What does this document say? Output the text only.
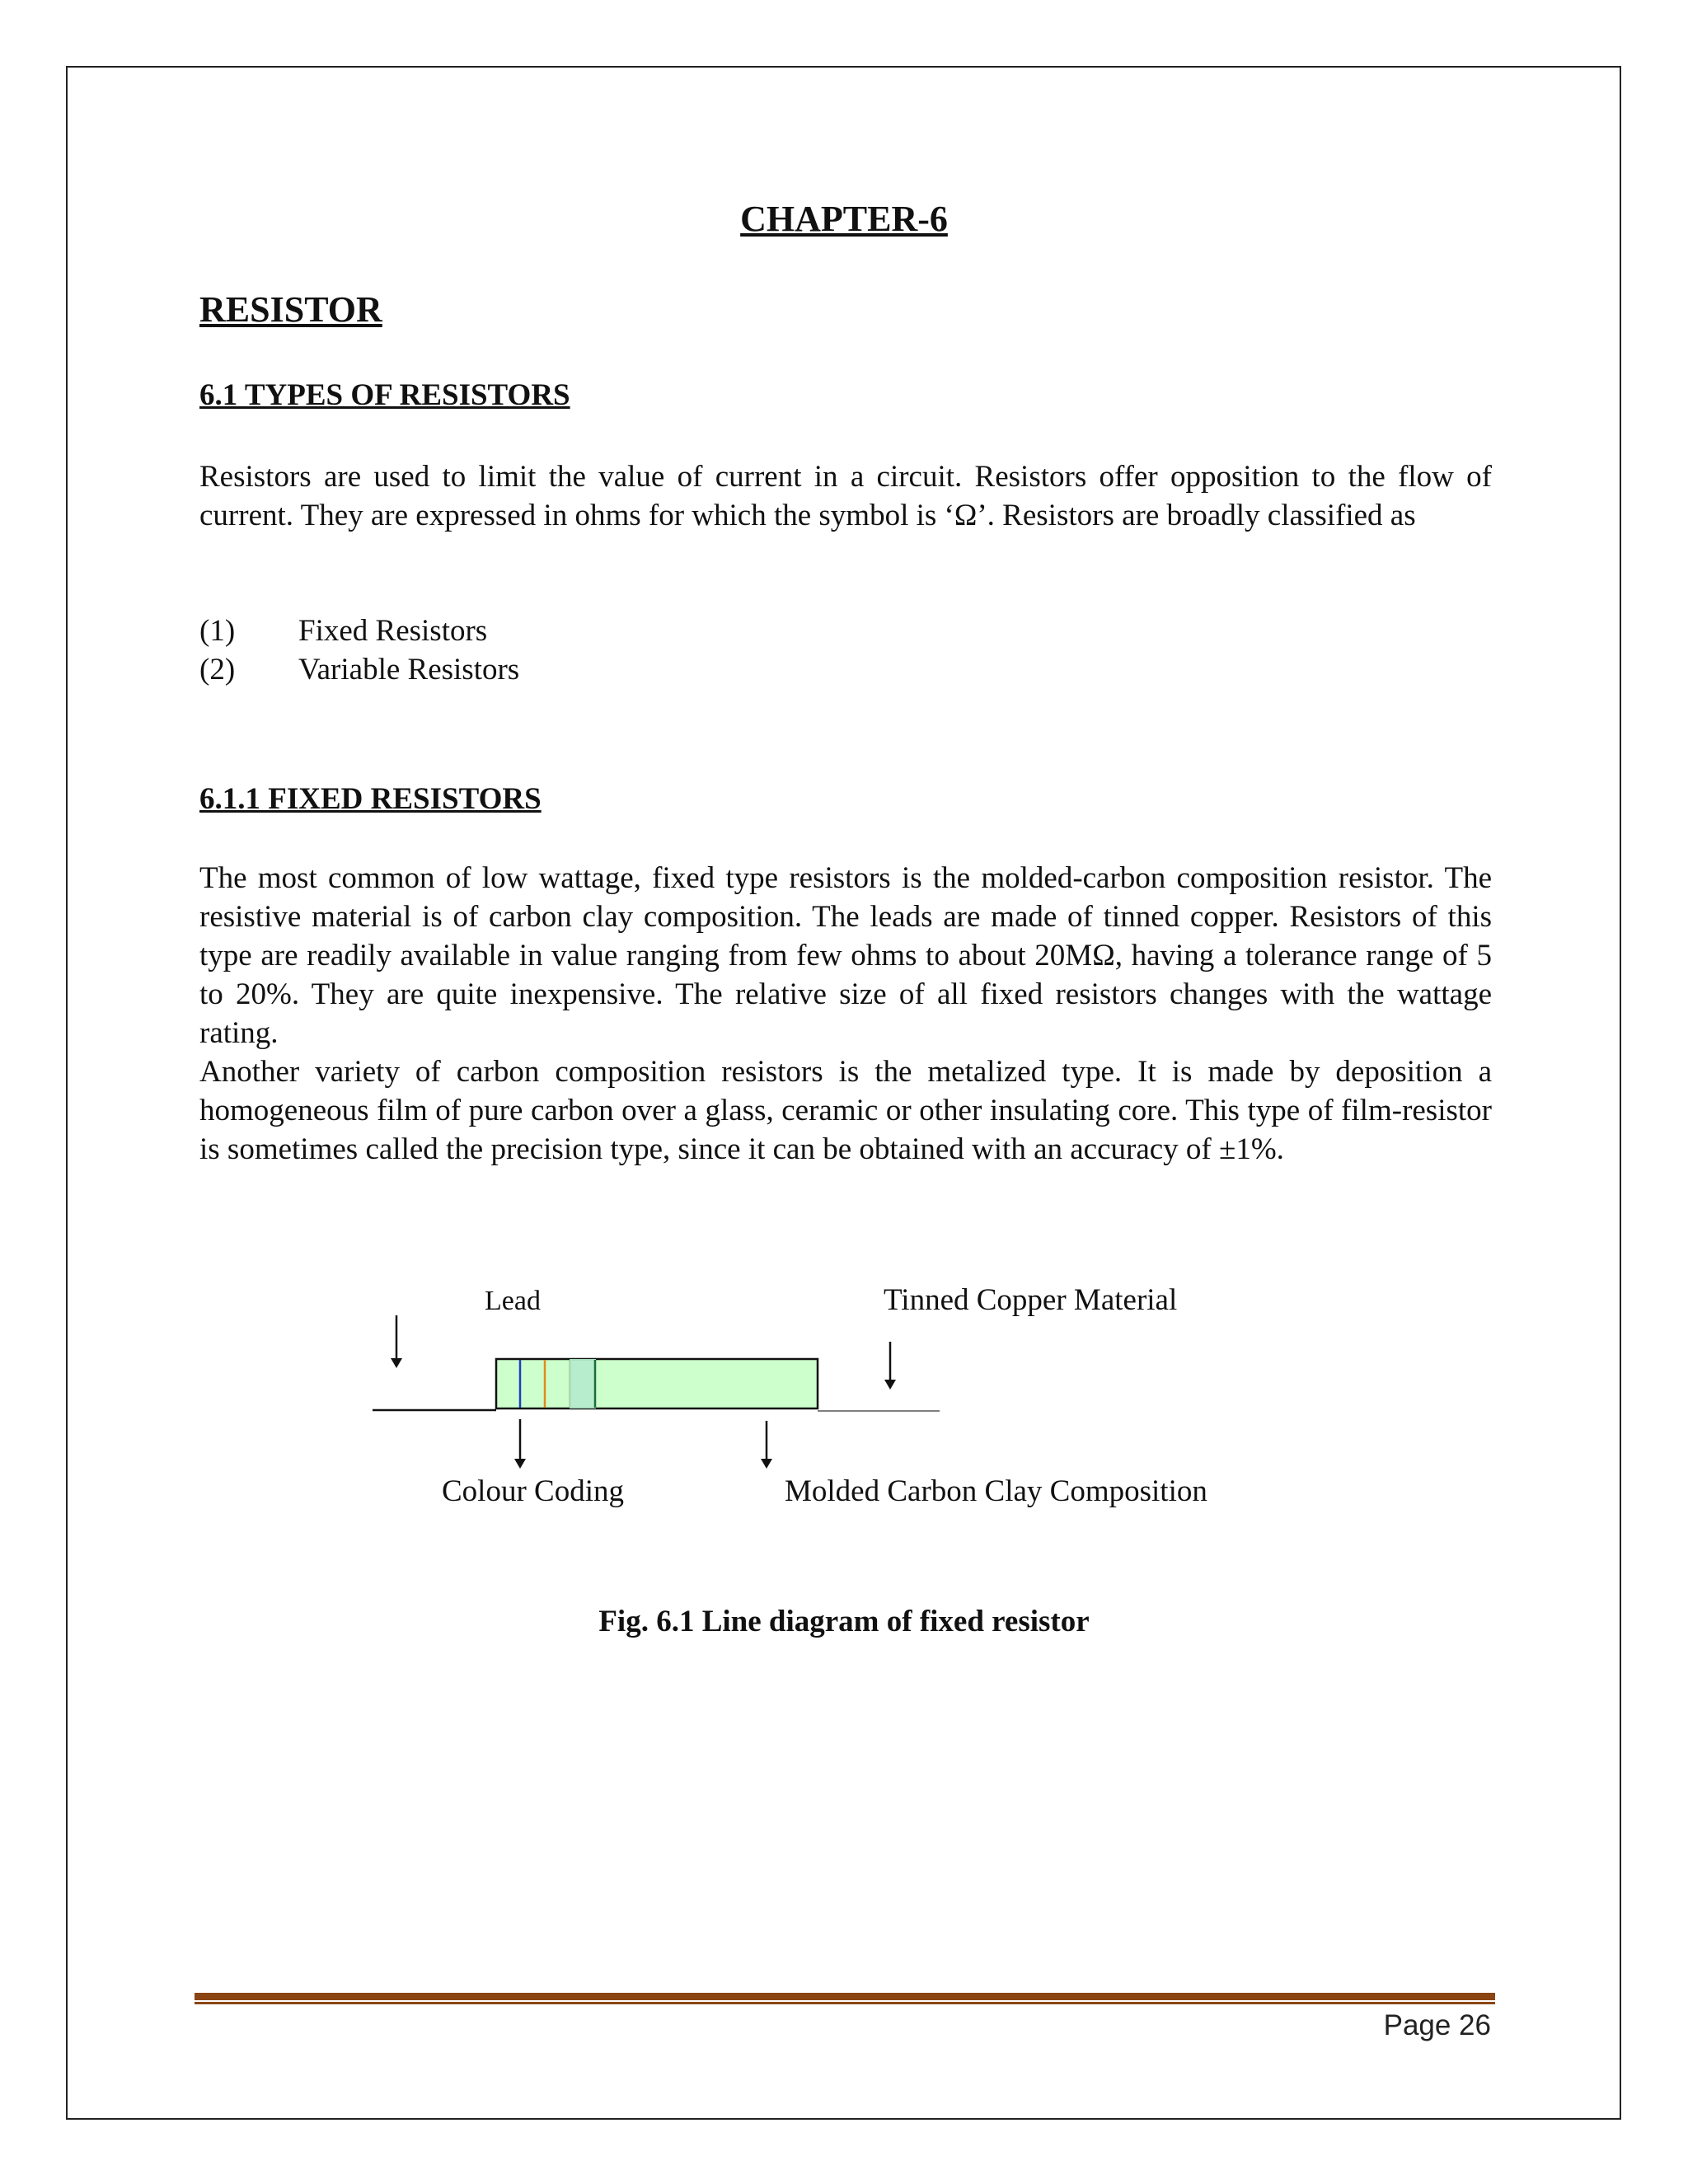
CHAPTER-6
RESISTOR
6.1 TYPES OF RESISTORS

Resistors are used to limit the value of current in a circuit. Resistors offer opposition to the flow of current. They are expressed in ohms for which the symbol is ‘Ω’. Resistors are broadly classified as

(1) Fixed Resistors
(2) Variable Resistors
6.1.1 FIXED RESISTORS

The most common of low wattage, fixed type resistors is the molded-carbon composition resistor. The resistive material is of carbon clay composition. The leads are made of tinned copper. Resistors of this type are readily available in value ranging from few ohms to about 20MΩ, having a tolerance range of 5 to 20%. They are quite inexpensive. The relative size of all fixed resistors changes with the wattage rating.

Another variety of carbon composition resistors is the metalized type. It is made by deposition a homogeneous film of pure carbon over a glass, ceramic or other insulating core. This type of film-resistor is sometimes called the precision type, since it can be obtained with an accuracy of ±1%.

Lead	Tinned Copper Material
Colour Coding	Molded Carbon Clay Composition
Fig. 6.1 Line diagram of fixed resistor
Page 26
